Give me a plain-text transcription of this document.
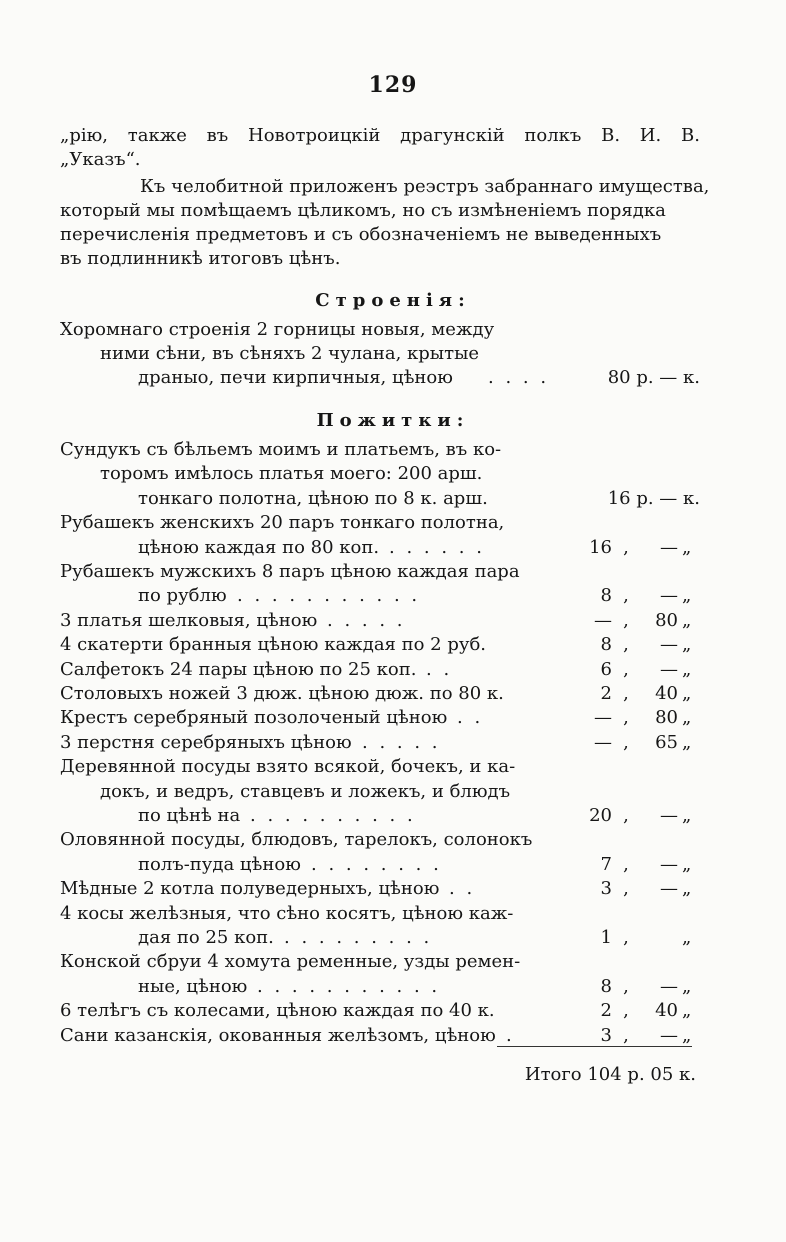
129
„рію, также въ Новотроицкій драгунскій полкъ В. И. В.
„Указъ“.
Къ челобитной приложенъ реэстръ забраннаго имущества,
который мы помѣщаемъ цѣликомъ, но съ измѣненіемъ порядка
перечисленія предметовъ и съ обозначеніемъ не выведенныхъ
въ подлинникѣ итоговъ цѣнъ.
Строенія:
Хоромнаго строенія 2 горницы новыя, между
ними сѣни, въ сѣняхъ 2 чулана, крытые
драныо, печи кирпичныя, цѣною . . . .	80 р. — к.
Пожитки:
Сундукъ съ бѣльемъ моимъ и платьемъ, въ ко-
торомъ имѣлось платья моего: 200 арш.
тонкаго полотна, цѣною по 8 к. арш.	16 р. — к.
Рубашекъ женскихъ 20 паръ тонкаго полотна,
цѣною каждая по 80 коп. . . . . . .	16 ,	— „
Рубашекъ мужскихъ 8 паръ цѣною каждая пара
по рублю . . . . . . . . . . .	8 ,	— „
3 платья шелковыя, цѣною . . . . .	— ,	80 „
4 скатерти бранныя цѣною каждая по 2 руб.	8 ,	— „
Салфетокъ 24 пары цѣною по 25 коп. . .	6 ,	— „
Столовыхъ ножей 3 дюж. цѣною дюж. по 80 к.	2 ,	40 „
Крестъ серебряный позолоченый цѣною . .	— ,	80 „
3 перстня серебряныхъ цѣною . . . . .	— ,	65 „
Деревянной посуды взято всякой, бочекъ, и ка-
докъ, и ведръ, ставцевъ и ложекъ, и блюдъ
по цѣнѣ на . . . . . . . . . .	20 ,	— „
Оловянной посуды, блюдовъ, тарелокъ, солонокъ
полъ-пуда цѣною . . . . . . . .	7 ,	— „
Мѣдные 2 котла полуведерныхъ, цѣною . .	3 ,	— „
4 косы желѣзныя, что сѣно косятъ, цѣною каж-
дая по 25 коп. . . . . . . . . .	1 ,	„
Конской сбруи 4 хомута ременные, узды ремен-
ные, цѣною . . . . . . . . . . .	8 ,	— „
6 телѣгъ съ колесами, цѣною каждая по 40 к.	2 ,	40 „
Сани казанскія, окованныя желѣзомъ, цѣною .	3 ,	— „
Итого 104 р. 05 к.
